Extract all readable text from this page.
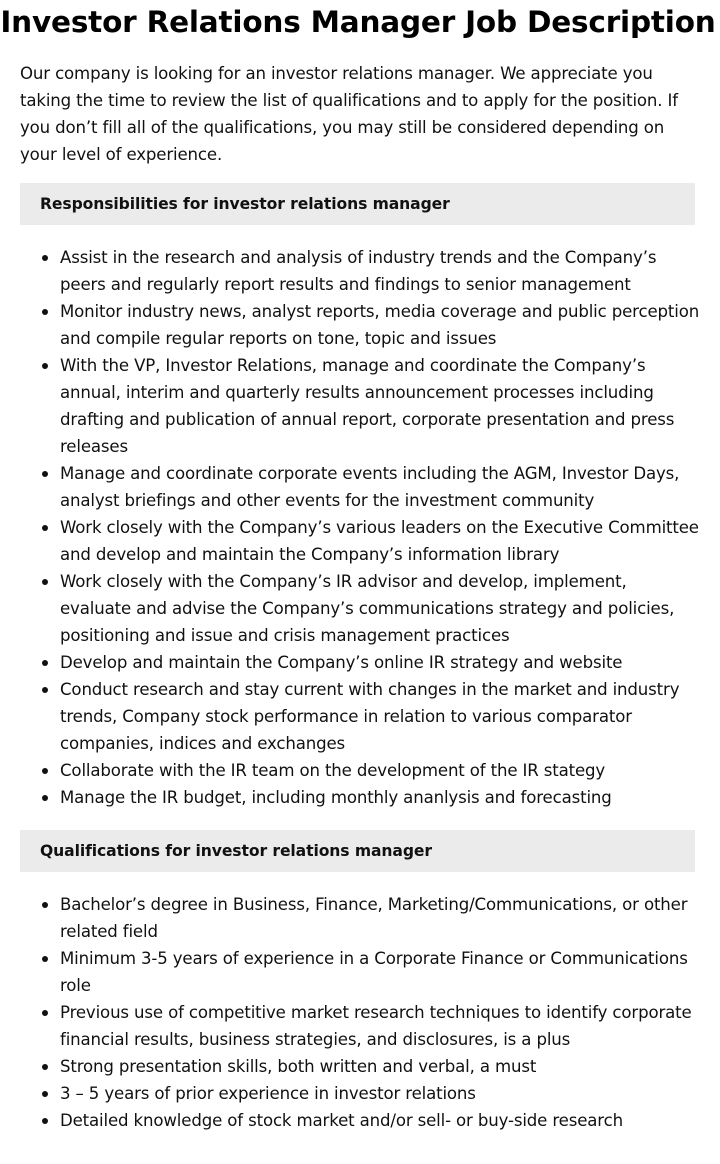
Investor Relations Manager Job Description

Our company is looking for an investor relations manager. We appreciate you taking the time to review the list of qualifications and to apply for the position. If you don’t fill all of the qualifications, you may still be considered depending on your level of experience.

Responsibilities for investor relations manager
Assist in the research and analysis of industry trends and the Company’s peers and regularly report results and findings to senior management
Monitor industry news, analyst reports, media coverage and public perception and compile regular reports on tone, topic and issues
With the VP, Investor Relations, manage and coordinate the Company’s annual, interim and quarterly results announcement processes including drafting and publication of annual report, corporate presentation and press releases
Manage and coordinate corporate events including the AGM, Investor Days, analyst briefings and other events for the investment community
Work closely with the Company’s various leaders on the Executive Committee and develop and maintain the Company’s information library
Work closely with the Company’s IR advisor and develop, implement, evaluate and advise the Company’s communications strategy and policies, positioning and issue and crisis management practices
Develop and maintain the Company’s online IR strategy and website
Conduct research and stay current with changes in the market and industry trends, Company stock performance in relation to various comparator companies, indices and exchanges
Collaborate with the IR team on the development of the IR stategy
Manage the IR budget, including monthly ananlysis and forecasting
Qualifications for investor relations manager
Bachelor’s degree in Business, Finance, Marketing/Communications, or other related field
Minimum 3-5 years of experience in a Corporate Finance or Communications role
Previous use of competitive market research techniques to identify corporate financial results, business strategies, and disclosures, is a plus
Strong presentation skills, both written and verbal, a must
3 – 5 years of prior experience in investor relations
Detailed knowledge of stock market and/or sell- or buy-side research
